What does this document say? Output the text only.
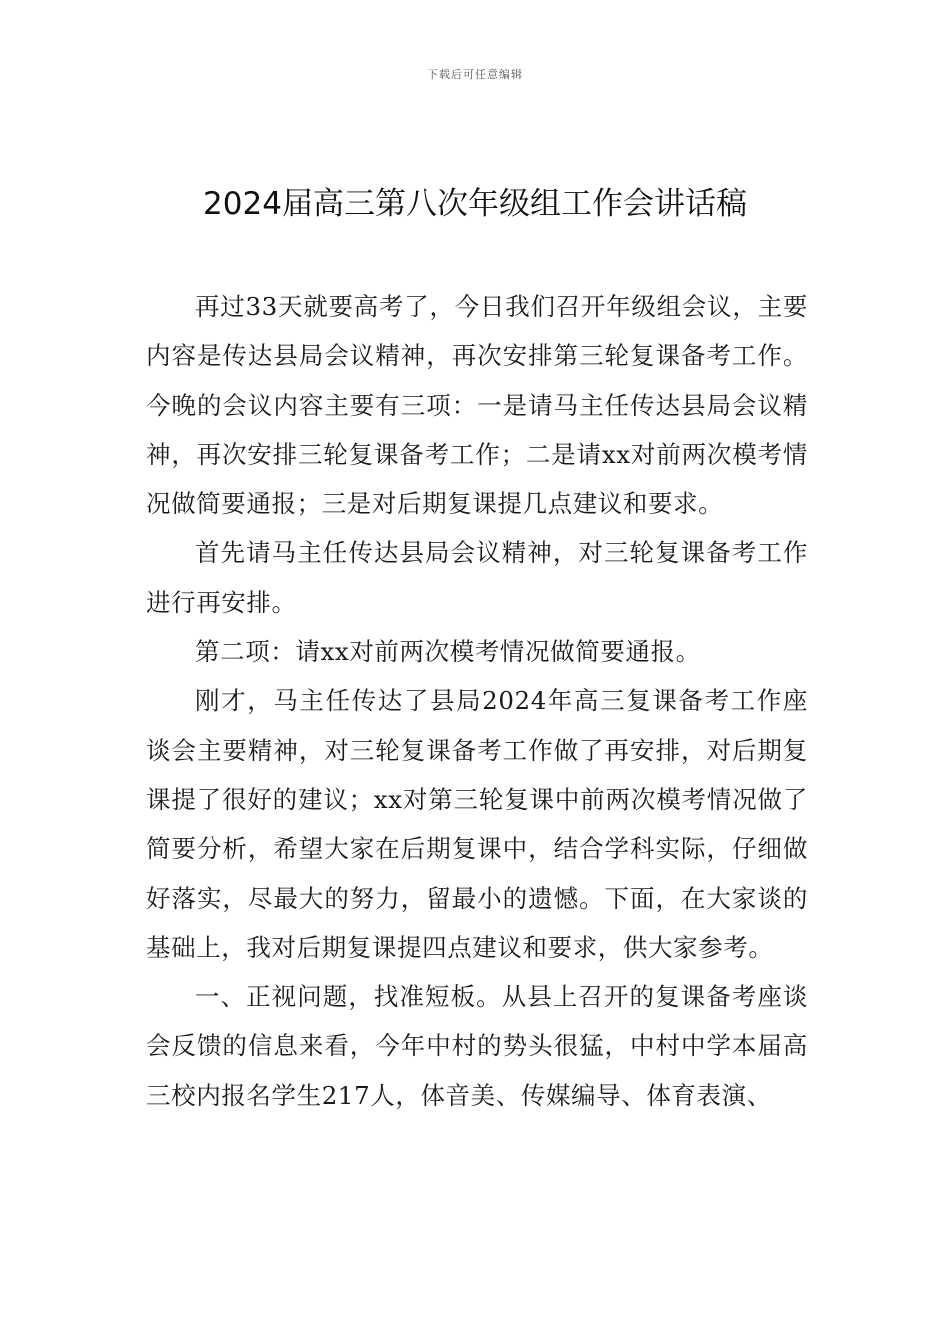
下载后可任意编辑
2024届高三第八次年级组工作会讲话稿

再过33天就要高考了，今日我们召开年级组会议，主要内容是传达县局会议精神，再次安排第三轮复课备考工作。今晚的会议内容主要有三项：一是请马主任传达县局会议精神，再次安排三轮复课备考工作；二是请xx对前两次模考情况做简要通报；三是对后期复课提几点建议和要求。

首先请马主任传达县局会议精神，对三轮复课备考工作进行再安排。

第二项：请xx对前两次模考情况做简要通报。

刚才，马主任传达了县局2024年高三复课备考工作座谈会主要精神，对三轮复课备考工作做了再安排，对后期复课提了很好的建议；xx对第三轮复课中前两次模考情况做了简要分析，希望大家在后期复课中，结合学科实际，仔细做好落实，尽最大的努力，留最小的遗憾。下面，在大家谈的基础上，我对后期复课提四点建议和要求，供大家参考。

一、正视问题，找准短板。从县上召开的复课备考座谈会反馈的信息来看，今年中村的势头很猛，中村中学本届高三校内报名学生217人，体音美、传媒编导、体育表演、
